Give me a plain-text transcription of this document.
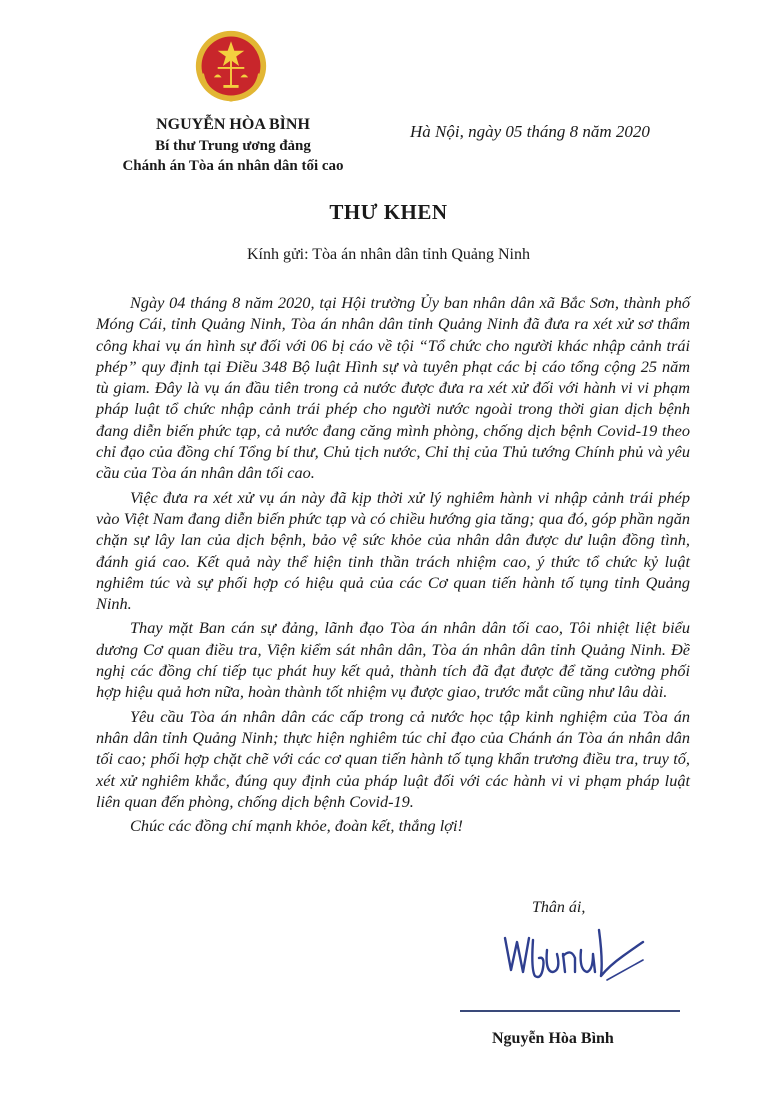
NGUYỄN HÒA BÌNH
Bí thư Trung ương đảng
Chánh án Tòa án nhân dân tối cao
Hà Nội, ngày 05 tháng 8 năm 2020
THƯ KHEN
Kính gửi: Tòa án nhân dân tỉnh Quảng Ninh

Ngày 04 tháng 8 năm 2020, tại Hội trường Ủy ban nhân dân xã Bắc Sơn, thành phố Móng Cái, tỉnh Quảng Ninh, Tòa án nhân dân tỉnh Quảng Ninh đã đưa ra xét xử sơ thẩm công khai vụ án hình sự đối với 06 bị cáo về tội “Tổ chức cho người khác nhập cảnh trái phép” quy định tại Điều 348 Bộ luật Hình sự và tuyên phạt các bị cáo tổng cộng 25 năm tù giam. Đây là vụ án đầu tiên trong cả nước được đưa ra xét xử đối với hành vi vi phạm pháp luật tổ chức nhập cảnh trái phép cho người nước ngoài trong thời gian dịch bệnh đang diễn biến phức tạp, cả nước đang căng mình phòng, chống dịch bệnh Covid-19 theo chỉ đạo của đồng chí Tổng bí thư, Chủ tịch nước, Chỉ thị của Thủ tướng Chính phủ và yêu cầu của Tòa án nhân dân tối cao.

Việc đưa ra xét xử vụ án này đã kịp thời xử lý nghiêm hành vi nhập cảnh trái phép vào Việt Nam đang diễn biến phức tạp và có chiều hướng gia tăng; qua đó, góp phần ngăn chặn sự lây lan của dịch bệnh, bảo vệ sức khỏe của nhân dân được dư luận đồng tình, đánh giá cao. Kết quả này thể hiện tinh thần trách nhiệm cao, ý thức tổ chức kỷ luật nghiêm túc và sự phối hợp có hiệu quả của các Cơ quan tiến hành tố tụng tỉnh Quảng Ninh.

Thay mặt Ban cán sự đảng, lãnh đạo Tòa án nhân dân tối cao, Tôi nhiệt liệt biểu dương Cơ quan điều tra, Viện kiểm sát nhân dân, Tòa án nhân dân tỉnh Quảng Ninh. Đề nghị các đồng chí tiếp tục phát huy kết quả, thành tích đã đạt được để tăng cường phối hợp hiệu quả hơn nữa, hoàn thành tốt nhiệm vụ được giao, trước mắt cũng như lâu dài.

Yêu cầu Tòa án nhân dân các cấp trong cả nước học tập kinh nghiệm của Tòa án nhân dân tỉnh Quảng Ninh; thực hiện nghiêm túc chỉ đạo của Chánh án Tòa án nhân dân tối cao; phối hợp chặt chẽ với các cơ quan tiến hành tố tụng khẩn trương điều tra, truy tố, xét xử nghiêm khắc, đúng quy định của pháp luật đối với các hành vi vi phạm pháp luật liên quan đến phòng, chống dịch bệnh Covid-19.

Chúc các đồng chí mạnh khỏe, đoàn kết, thắng lợi!

Thân ái,
Nguyễn Hòa Bình
